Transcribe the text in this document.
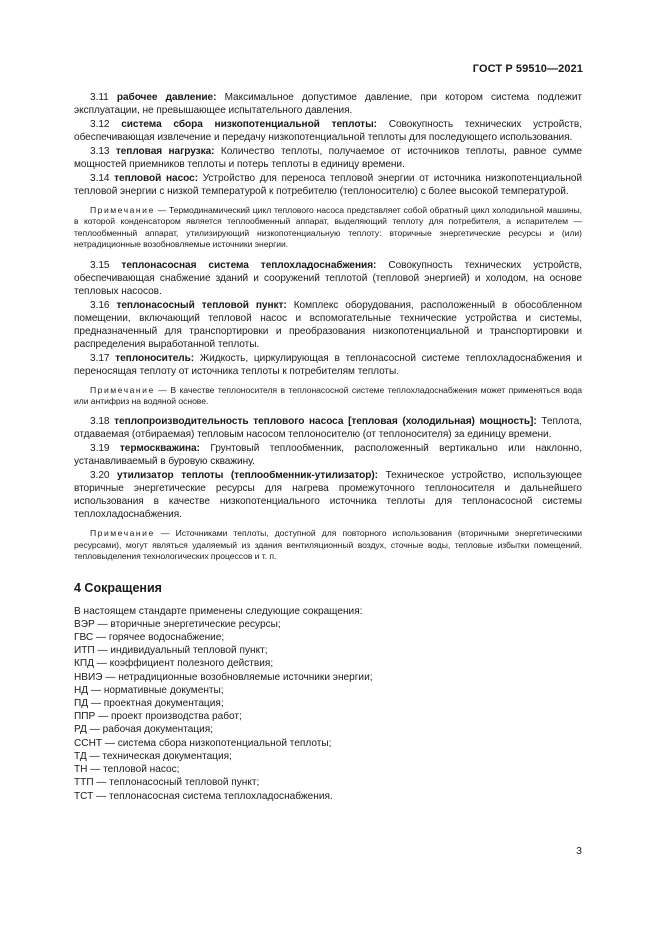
ГОСТ Р 59510—2021

3.11 рабочее давление: Максимальное допустимое давление, при котором система подлежит эксплуатации, не превышающее испытательного давления.

3.12 система сбора низкопотенциальной теплоты: Совокупность технических устройств, обеспечивающая извлечение и передачу низкопотенциальной теплоты для последующего использования.

3.13 тепловая нагрузка: Количество теплоты, получаемое от источников теплоты, равное сумме мощностей приемников теплоты и потерь теплоты в единицу времени.

3.14 тепловой насос: Устройство для переноса тепловой энергии от источника низкопотенциальной тепловой энергии с низкой температурой к потребителю (теплоносителю) с более высокой температурой.

Примечание — Термодинамический цикл теплового насоса представляет собой обратный цикл холодильной машины, в которой конденсатором является теплообменный аппарат, выделяющий теплоту для потребителя, а испарителем — теплообменный аппарат, утилизирующий низкопотенциальную теплоту: вторичные энергетические ресурсы и (или) нетрадиционные возобновляемые источники энергии.

3.15 теплонасосная система теплохладоснабжения: Совокупность технических устройств, обеспечивающая снабжение зданий и сооружений теплотой (тепловой энергией) и холодом, на основе тепловых насосов.

3.16 теплонасосный тепловой пункт: Комплекс оборудования, расположенный в обособленном помещении, включающий тепловой насос и вспомогательные технические устройства и системы, предназначенный для транспортировки и преобразования низкопотенциальной и транспортировки и распределения выработанной теплоты.

3.17 теплоноситель: Жидкость, циркулирующая в теплонасосной системе теплохладоснабжения и переносящая теплоту от источника теплоты к потребителям теплоты.

Примечание — В качестве теплоносителя в теплонасосной системе теплохладоснабжения может применяться вода или антифриз на водяной основе.

3.18 теплопроизводительность теплового насоса [тепловая (холодильная) мощность]: Теплота, отдаваемая (отбираемая) тепловым насосом теплоносителю (от теплоносителя) за единицу времени.

3.19 термоскважина: Грунтовый теплообменник, расположенный вертикально или наклонно, устанавливаемый в буровую скважину.

3.20 утилизатор теплоты (теплообменник-утилизатор): Техническое устройство, использующее вторичные энергетические ресурсы для нагрева промежуточного теплоносителя и дальнейшего использования в качестве низкопотенциального источника теплоты для теплонасосной системы теплохладоснабжения.

Примечание — Источниками теплоты, доступной для повторного использования (вторичными энергетическими ресурсами), могут являться удаляемый из здания вентиляционный воздух, сточные воды, тепловые избытки помещений, тепловыделения технологических процессов и т. п.

4 Сокращения

В настоящем стандарте применены следующие сокращения:

ВЭР — вторичные энергетические ресурсы;

ГВС — горячее водоснабжение;

ИТП — индивидуальный тепловой пункт;

КПД — коэффициент полезного действия;

НВИЭ — нетрадиционные возобновляемые источники энергии;

НД — нормативные документы;

ПД — проектная документация;

ППР — проект производства работ;

РД — рабочая документация;

ССНТ — система сбора низкопотенциальной теплоты;

ТД — техническая документация;

ТН — тепловой насос;

ТТП — теплонасосный тепловой пункт;

ТСТ — теплонасосная система теплохладоснабжения.

3
